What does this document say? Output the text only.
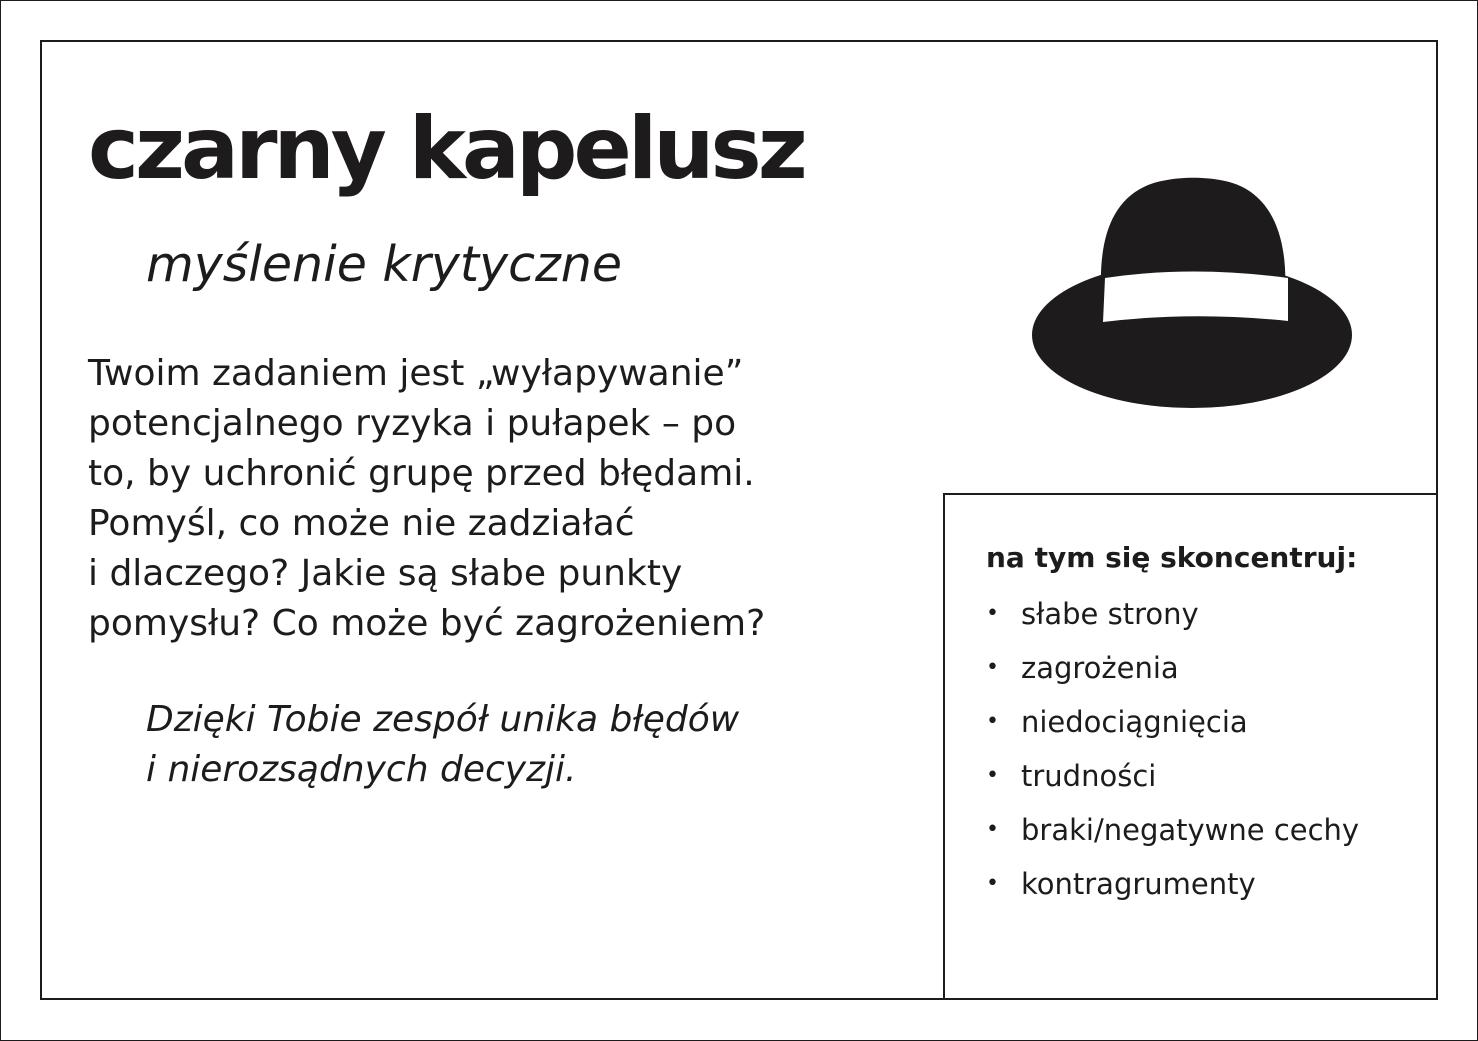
czarny kapelusz

myślenie krytyczne

Twoim zadaniem jest „wyłapywanie”
potencjalnego ryzyka i pułapek – po
to, by uchronić grupę przed błędami.
Pomyśl, co może nie zadziałać
i dlaczego? Jakie są słabe punkty
pomysłu? Co może być zagrożeniem?

Dzięki Tobie zespół unika błędów
i nierozsądnych decyzji.

na tym się skoncentruj:

• słabe strony
• zagrożenia
• niedociągnięcia
• trudności
• braki/negatywne cechy
• kontragrumenty
